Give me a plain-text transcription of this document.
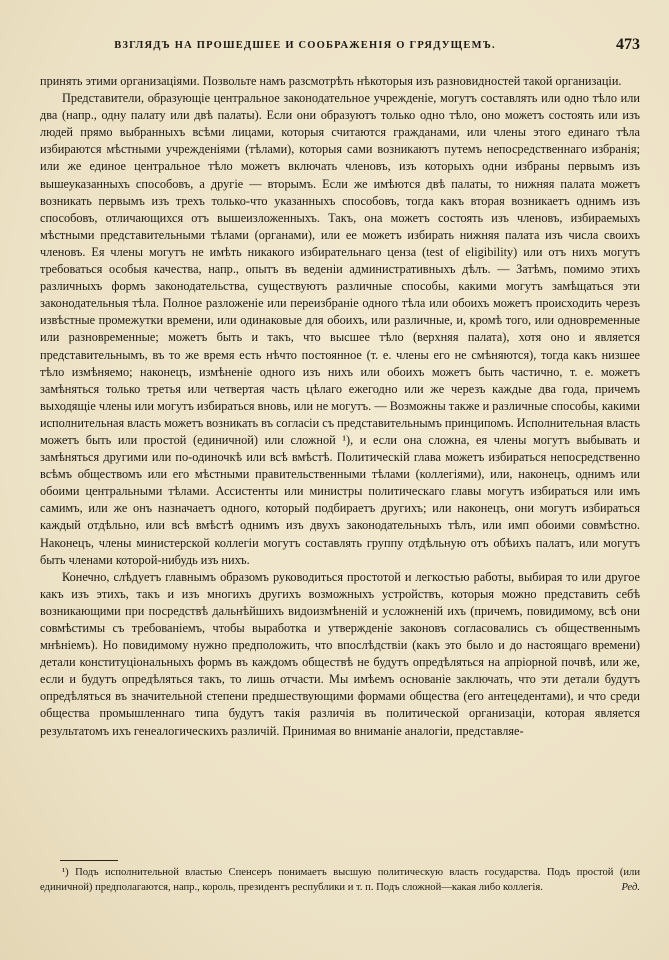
ВЗГЛЯДЪ НА ПРОШЕДШЕЕ И СООБРАЖЕНІЯ О ГРЯДУЩЕМЪ.	473

принять этими организаціями. Позвольте намъ разсмотрѣть нѣкоторыя изъ разновидностей такой организаціи.

Представители, образующіе центральное законодательное учрежденіе, могутъ составлять или одно тѣло или два (напр., одну палату или двѣ палаты). Если они образуютъ только одно тѣло, оно можетъ состоять или изъ людей прямо выбранныхъ всѣми лицами, которыя считаются гражданами, или члены этого единаго тѣла избираются мѣстными учрежденіями (тѣлами), которыя сами возникаютъ путемъ непосредственнаго избранія; или же единое центральное тѣло можетъ включать членовъ, изъ которыхъ одни избраны первымъ изъ вышеуказанныхъ способовъ, а другіе — вторымъ. Если же имѣются двѣ палаты, то нижняя палата можетъ возникать первымъ изъ трехъ только-что указанныхъ способовъ, тогда какъ вторая возникаетъ однимъ изъ способовъ, отличающихся отъ вышеизложенныхъ. Такъ, она можетъ состоять изъ членовъ, избираемыхъ мѣстными представительными тѣлами (органами), или ее можетъ избирать нижняя палата изъ числа своихъ членовъ. Ея члены могутъ не имѣть никакого избирательнаго ценза (test of eligibility) или отъ нихъ могутъ требоваться особыя качества, напр., опытъ въ веденіи административныхъ дѣлъ. — Затѣмъ, помимо этихъ различныхъ формъ законодательства, существуютъ различные способы, какими могутъ замѣщаться эти законодательныя тѣла. Полное разложеніе или переизбраніе одного тѣла или обоихъ можетъ происходить черезъ извѣстные промежутки времени, или одинаковые для обоихъ, или различные, и, кромѣ того, или одновременные или разновременные; можетъ быть и такъ, что высшее тѣло (верхняя палата), хотя оно и является представительнымъ, въ то же время есть нѣчто постоянное (т. е. члены его не смѣняются), тогда какъ низшее тѣло измѣняемо; наконецъ, измѣненіе одного изъ нихъ или обоихъ можетъ быть частично, т. е. можетъ замѣняться только третья или четвертая часть цѣлаго ежегодно или же черезъ каждые два года, причемъ выходящіе члены или могутъ избираться вновь, или не могутъ. — Возможны также и различные способы, какими исполнительная власть можетъ возникать въ согласіи съ представительнымъ принципомъ. Исполнительная власть можетъ быть или простой (единичной) или сложной ¹), и если она сложна, ея члены могутъ выбывать и замѣняться другими или по-одиночкѣ или всѣ вмѣстѣ. Политическій глава можетъ избираться непосредственно всѣмъ обществомъ или его мѣстными правительственными тѣлами (коллегіями), или, наконецъ, однимъ или обоими центральными тѣлами. Ассистенты или министры политическаго главы могутъ избираться или имъ самимъ, или же онъ назначаетъ одного, который подбираетъ другихъ; или наконецъ, они могутъ избираться каждый отдѣльно, или всѣ вмѣстѣ однимъ изъ двухъ законодательныхъ тѣлъ, или имп обоими совмѣстно. Наконецъ, члены министерской коллегіи могутъ составлять группу отдѣльную отъ обѣихъ палатъ, или могутъ быть членами которой-нибудь изъ нихъ.

Конечно, слѣдуетъ главнымъ образомъ руководиться простотой и легкостью работы, выбирая то или другое какъ изъ этихъ, такъ и изъ многихъ другихъ возможныхъ устройствъ, которыя можно представить себѣ возникающими при посредствѣ дальнѣйшихъ видоизмѣненій и усложненій ихъ (причемъ, повидимому, всѣ они совмѣстимы съ требованіемъ, чтобы выработка и утвержденіе законовъ согласовались съ общественнымъ мнѣніемъ). Но повидимому нужно предположить, что впослѣдствіи (какъ это было и до настоящаго времени) детали конституціональныхъ формъ въ каждомъ обществѣ не будутъ опредѣляться на апріорной почвѣ, или же, если и будутъ опредѣляться такъ, то лишь отчасти. Мы имѣемъ основаніе заключать, что эти детали будутъ опредѣляться въ значительной степени предшествующими формами общества (его антецедентами), и что среди общества промышленнаго типа будутъ такія различія въ политической организаціи, которая является результатомъ ихъ генеалогическихъ различій. Принимая во вниманіе аналогіи, представляе-

¹) Подъ исполнительной властью Спенсеръ понимаетъ высшую политическую власть государства. Подъ простой (или единичной) предполагаются, напр., король, президентъ республики и т. п. Подъ сложной—какая либо коллегія.	Ред.
